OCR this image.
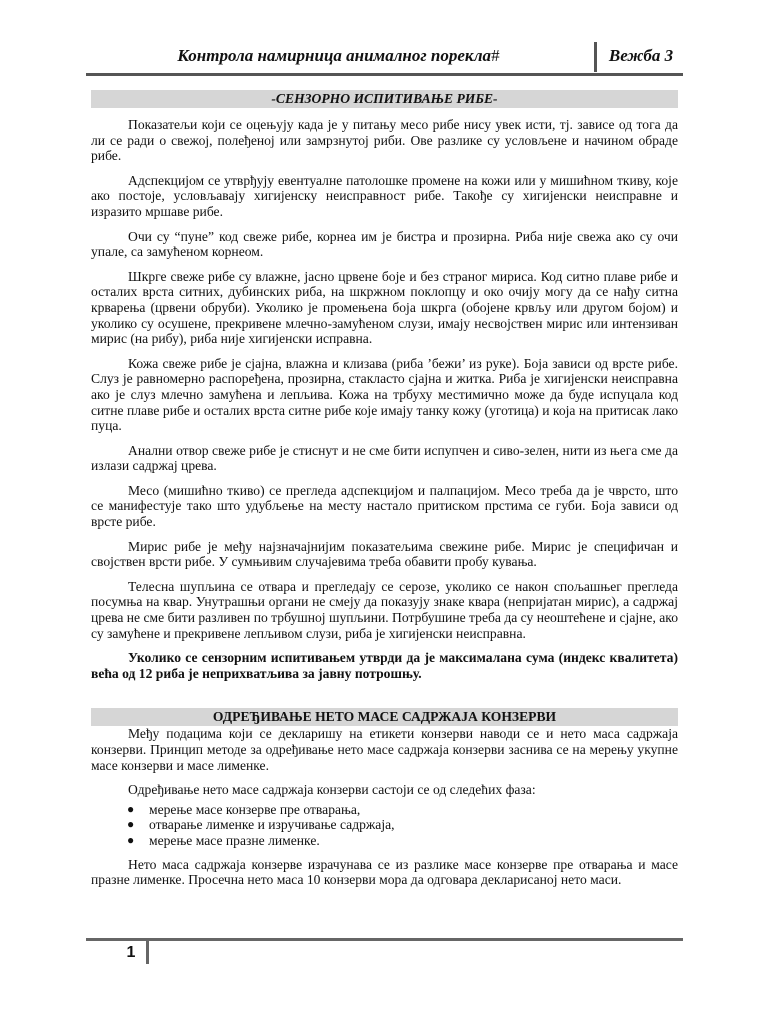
Контрола намирница анималног порекла#	Вежба 3
-СЕНЗОРНО ИСПИТИВАЊЕ РИБЕ-

Показатељи који се оцењују када је у питању месо рибе нису увек исти, тј. зависе од тога да ли се ради о свежој, полеђеној или замрзнутој риби. Ове разлике су условљене и начином обраде рибе.

Адспекцијом се утврђују евентуалне патолошке промене на кожи или у мишићном ткиву, које ако постоје, условљавају хигијенску неисправност рибе. Такође су хигијенски неисправне и изразито мршаве рибе.

Очи су “пуне” код свеже рибе, корнеа им је бистра и прозирна. Риба није свежа ако су очи упале, са замућеном корнеом.

Шкрге свеже рибе су влажне, јасно црвене боје и без страног мириса. Код ситно плаве рибе и осталих врста ситних, дубинских риба, на шкржном поклопцу и око очију могу да се нађу ситна крварења (црвени обруби). Уколико је промењена боја шкрга (обојене крвљу или другом бојом) и уколико су осушене, прекривене млечно-замућеном слузи, имају несвојствен мирис или интензиван мирис (на рибу), риба није хигијенски исправна.

Кожа свеже рибе је сјајна, влажна и клизава (риба ’бежи’ из руке). Боја зависи од врсте рибе. Слуз је равномерно распоређена, прозирна, стакласто сјајна и житка. Риба је хигијенски неисправна ако је слуз млечно замућена и лепљива. Кожа на трбуху местимично може да буде испуцала код ситне плаве рибе и осталих врста ситне рибе које имају танку кожу (уготица) и која на притисак лако пуца.

Анални отвор свеже рибе је стиснут и не сме бити испупчен и сиво-зелен, нити из њега сме да излази садржај црева.

Месо (мишићно ткиво) се прегледа адспекцијом и палпацијом. Месо треба да је чврсто, што се манифестује тако што удубљење на месту настало притиском прстима се губи. Боја зависи од врсте рибе.

Мирис рибе је међу најзначајнијим показатељима свежине рибе. Мирис је специфичан и својствен врсти рибе. У сумњивим случајевима треба обавити пробу кувања.

Телесна шупљина се отвара и прегледају се серозе, уколико се након спољашњег прегледа посумња на квар. Унутрашњи органи не смеју да показују знаке квара (непријатан мирис), а садржај црева не сме бити разливен по трбушној шупљини. Потрбушине треба да су неоштећене и сјајне, ако су замућене и прекривене лепљивом слузи, риба је хигијенски неисправна.

Уколико се сензорним испитивањем утврди да је максималана сума (индекс квалитета) већа од 12 риба је неприхватљива за јавну потрошњу.

ОДРЕЂИВАЊЕ НЕТО МАСЕ САДРЖАЈА КОНЗЕРВИ

Међу подацима који се декларишу на етикети конзерви наводи се и нето маса садржаја конзерви. Принцип методе за одређивање нето масе садржаја конзерви заснива се на мерењу укупне масе конзерви и масе лименке.

Одређивање нето масе садржаја конзерви састоји се од следећих фаза:

● мерење масе конзерве пре отварања,
● отварање лименке и изручивање садржаја,
● мерење масе празне лименке.

Нето маса садржаја конзерве израчунава се из разлике масе конзерве пре отварања и масе празне лименке. Просечна нето маса 10 конзерви мора да одговара декларисаној нето маси.

1
